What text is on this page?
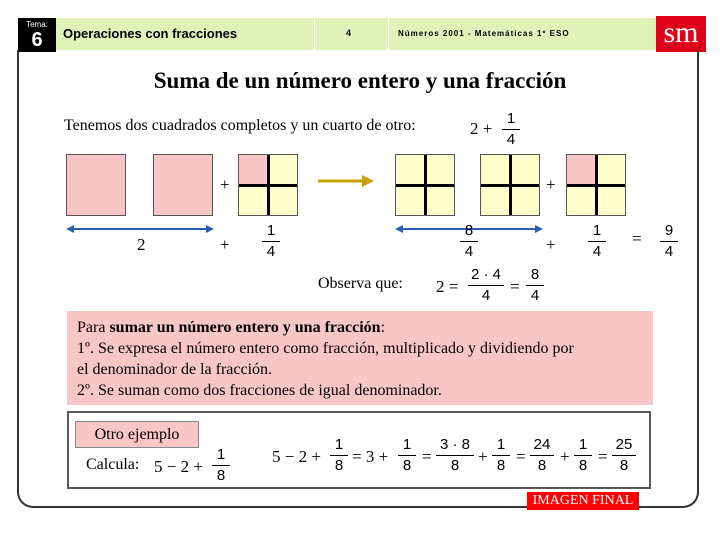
Tema:
6	Operaciones con fracciones	4	Números 2001 - Matemáticas 1º ESO	sm
Suma de un número entero y una fracción
Tenemos dos cuadrados completos y un cuarto de otro:	2 +
1
4
+	+
2	+
1
4
8
4	+
1
4
=	9
4
Observa que: 2 =
2 · 4
4	=
8
4
Para sumar un número entero y una fracción:
1º. Se expresa el número entero como fracción, multiplicado y dividiendo por
el denominador de la fracción.
2º. Se suman como dos fracciones de igual denominador.
Otro ejemplo
Calcula: 5 − 2 +
1
8
5 − 2 +
1
8 = 3 +
1
8 =
3 · 8
8	+
1
8 =
24
8 +
1
8 =
25
8
IMAGEN FINAL
